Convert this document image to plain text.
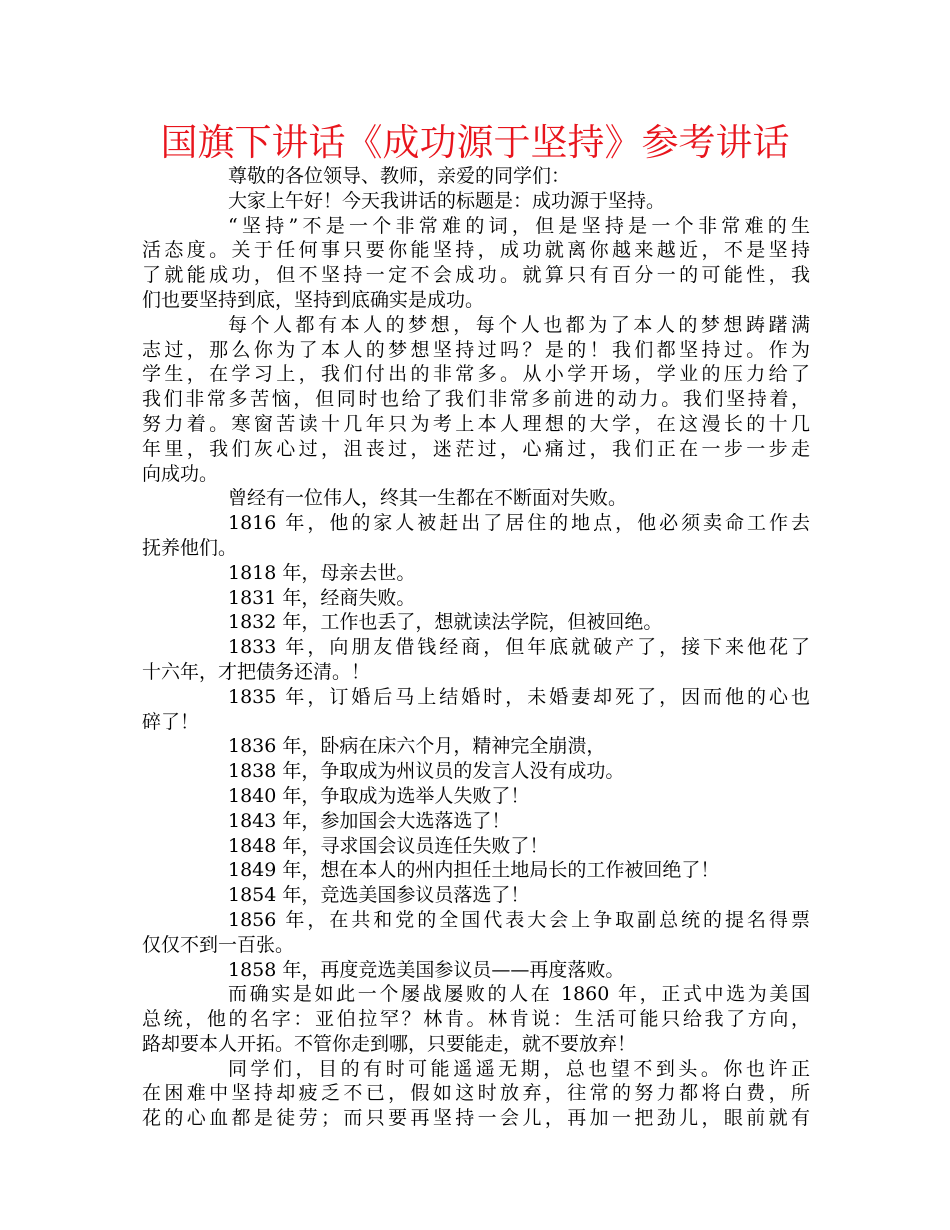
国旗下讲话《成功源于坚持》参考讲话
尊敬的各位领导、教师，亲爱的同学们：
大家上午好！今天我讲话的标题是：成功源于坚持。
“坚持”不是一个非常难的词，但是坚持是一个非常难的生
活态度。关于任何事只要你能坚持，成功就离你越来越近，不是坚持
了就能成功，但不坚持一定不会成功。就算只有百分一的可能性，我
们也要坚持到底，坚持到底确实是成功。
每个人都有本人的梦想，每个人也都为了本人的梦想踌躇满
志过，那么你为了本人的梦想坚持过吗？是的！我们都坚持过。作为
学生，在学习上，我们付出的非常多。从小学开场，学业的压力给了
我们非常多苦恼，但同时也给了我们非常多前进的动力。我们坚持着，
努力着。寒窗苦读十几年只为考上本人理想的大学，在这漫长的十几
年里，我们灰心过，沮丧过，迷茫过，心痛过，我们正在一步一步走
向成功。
曾经有一位伟人，终其一生都在不断面对失败。
1816 年，他的家人被赶出了居住的地点，他必须卖命工作去
抚养他们。
1818 年，母亲去世。
1831 年，经商失败。
1832 年，工作也丢了，想就读法学院，但被回绝。
1833 年，向朋友借钱经商，但年底就破产了，接下来他花了
十六年，才把债务还清。！
1835 年，订婚后马上结婚时，未婚妻却死了，因而他的心也
碎了！
1836 年，卧病在床六个月，精神完全崩溃，
1838 年，争取成为州议员的发言人没有成功。
1840 年，争取成为选举人失败了！
1843 年，参加国会大选落选了！
1848 年，寻求国会议员连任失败了！
1849 年，想在本人的州内担任土地局长的工作被回绝了！
1854 年，竞选美国参议员落选了！
1856 年，在共和党的全国代表大会上争取副总统的提名得票
仅仅不到一百张。
1858 年，再度竞选美国参议员——再度落败。
而确实是如此一个屡战屡败的人在 1860 年，正式中选为美国
总统，他的名字：亚伯拉罕？林肯。林肯说：生活可能只给我了方向，
路却要本人开拓。不管你走到哪，只要能走，就不要放弃！
同学们，目的有时可能遥遥无期，总也望不到头。你也许正
在困难中坚持却疲乏不已，假如这时放弃，往常的努力都将白费，所
花的心血都是徒劳；而只要再坚持一会儿，再加一把劲儿，眼前就有
